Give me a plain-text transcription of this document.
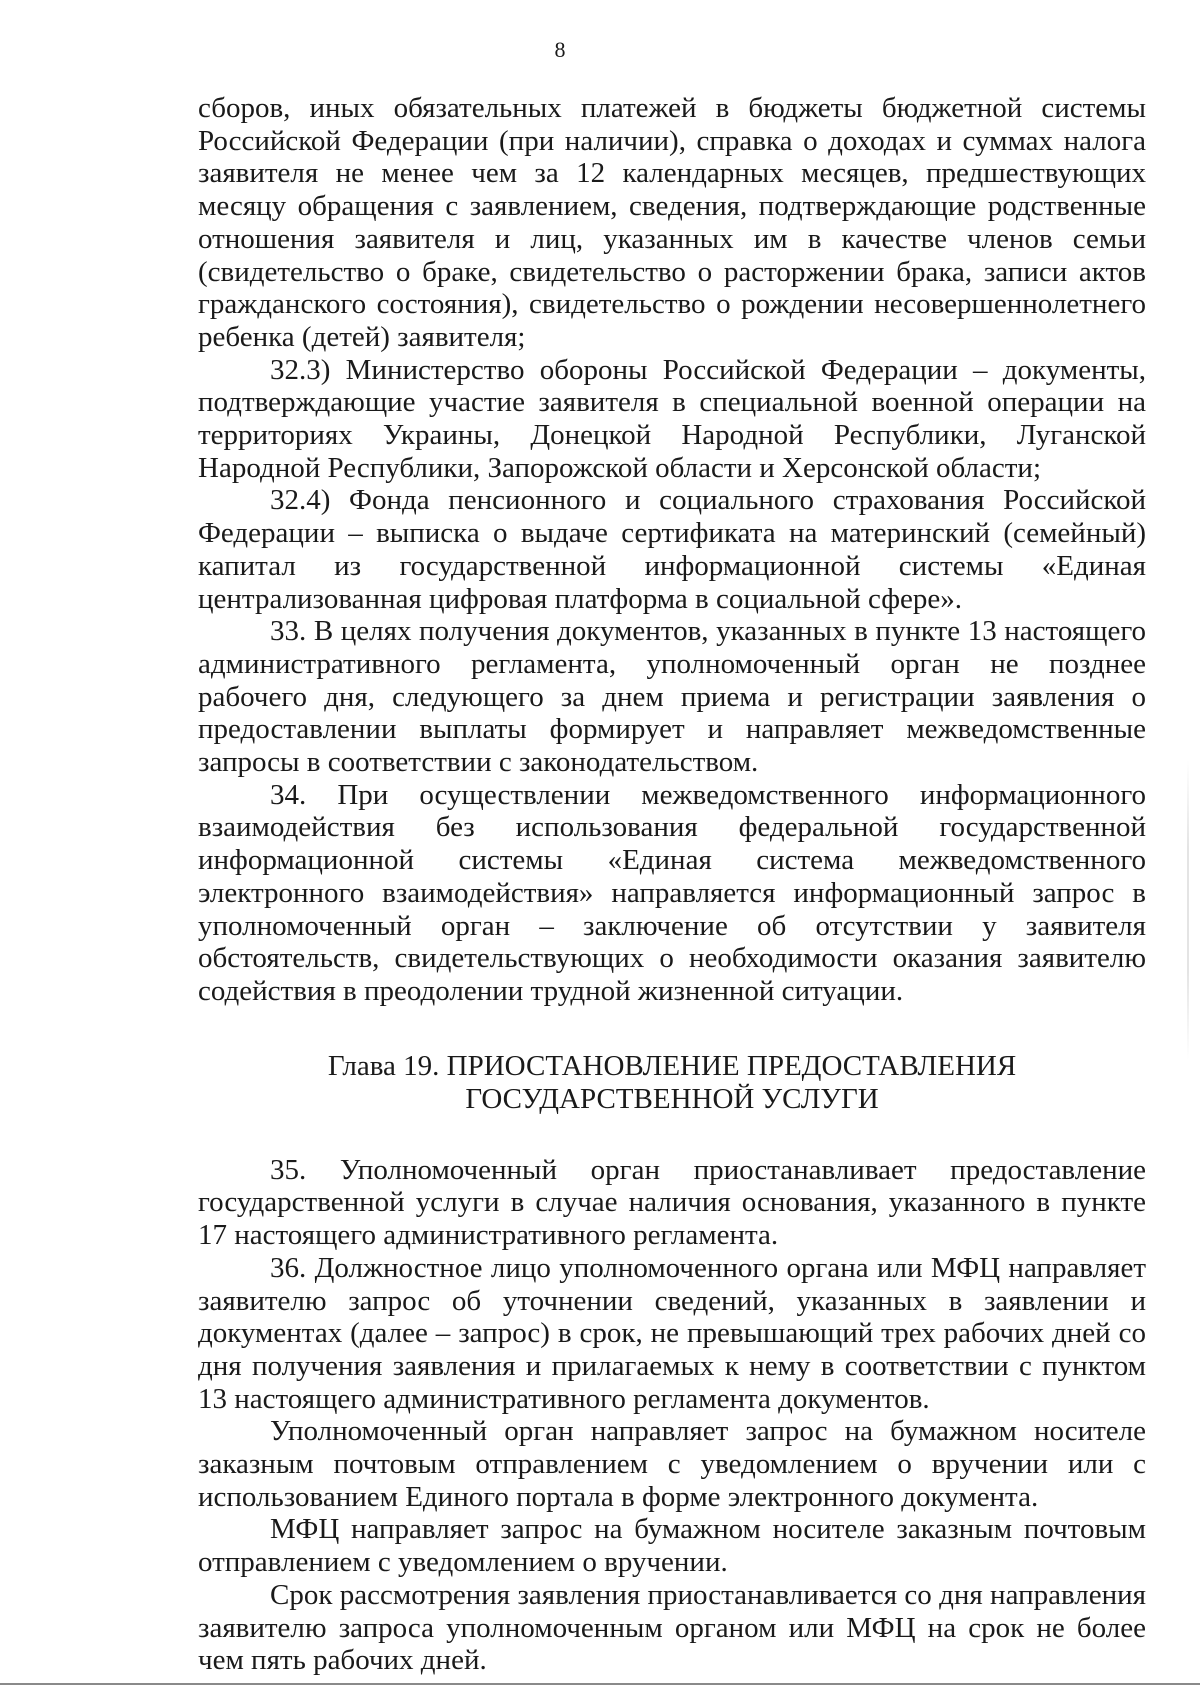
8

сборов, иных обязательных платежей в бюджеты бюджетной системы Российской Федерации (при наличии), справка о доходах и суммах налога заявителя не менее чем за 12 календарных месяцев, предшествующих месяцу обращения с заявлением, сведения, подтверждающие родственные отношения заявителя и лиц, указанных им в качестве членов семьи (свидетельство о браке, свидетельство о расторжении брака, записи актов гражданского состояния), свидетельство о рождении несовершеннолетнего ребенка (детей) заявителя;

32.3) Министерство обороны Российской Федерации – документы, подтверждающие участие заявителя в специальной военной операции на территориях Украины, Донецкой Народной Республики, Луганской Народной Республики, Запорожской области и Херсонской области;

32.4) Фонда пенсионного и социального страхования Российской Федерации – выписка о выдаче сертификата на материнский (семейный) капитал из государственной информационной системы «Единая централизованная цифровая платформа в социальной сфере».

33. В целях получения документов, указанных в пункте 13 настоящего административного регламента, уполномоченный орган не позднее рабочего дня, следующего за днем приема и регистрации заявления о предоставлении выплаты формирует и направляет межведомственные запросы в соответствии с законодательством.

34. При осуществлении межведомственного информационного взаимодействия без использования федеральной государственной информационной системы «Единая система межведомственного электронного взаимодействия» направляется информационный запрос в уполномоченный орган – заключение об отсутствии у заявителя обстоятельств, свидетельствующих о необходимости оказания заявителю содействия в преодолении трудной жизненной ситуации.

Глава 19. ПРИОСТАНОВЛЕНИЕ ПРЕДОСТАВЛЕНИЯ
ГОСУДАРСТВЕННОЙ УСЛУГИ

35. Уполномоченный орган приостанавливает предоставление государственной услуги в случае наличия основания, указанного в пункте 17 настоящего административного регламента.

36. Должностное лицо уполномоченного органа или МФЦ направляет заявителю запрос об уточнении сведений, указанных в заявлении и документах (далее – запрос) в срок, не превышающий трех рабочих дней со дня получения заявления и прилагаемых к нему в соответствии с пунктом 13 настоящего административного регламента документов.

Уполномоченный орган направляет запрос на бумажном носителе заказным почтовым отправлением с уведомлением о вручении или с использованием Единого портала в форме электронного документа.

МФЦ направляет запрос на бумажном носителе заказным почтовым отправлением с уведомлением о вручении.

Срок рассмотрения заявления приостанавливается со дня направления заявителю запроса уполномоченным органом или МФЦ на срок не более чем пять рабочих дней.
